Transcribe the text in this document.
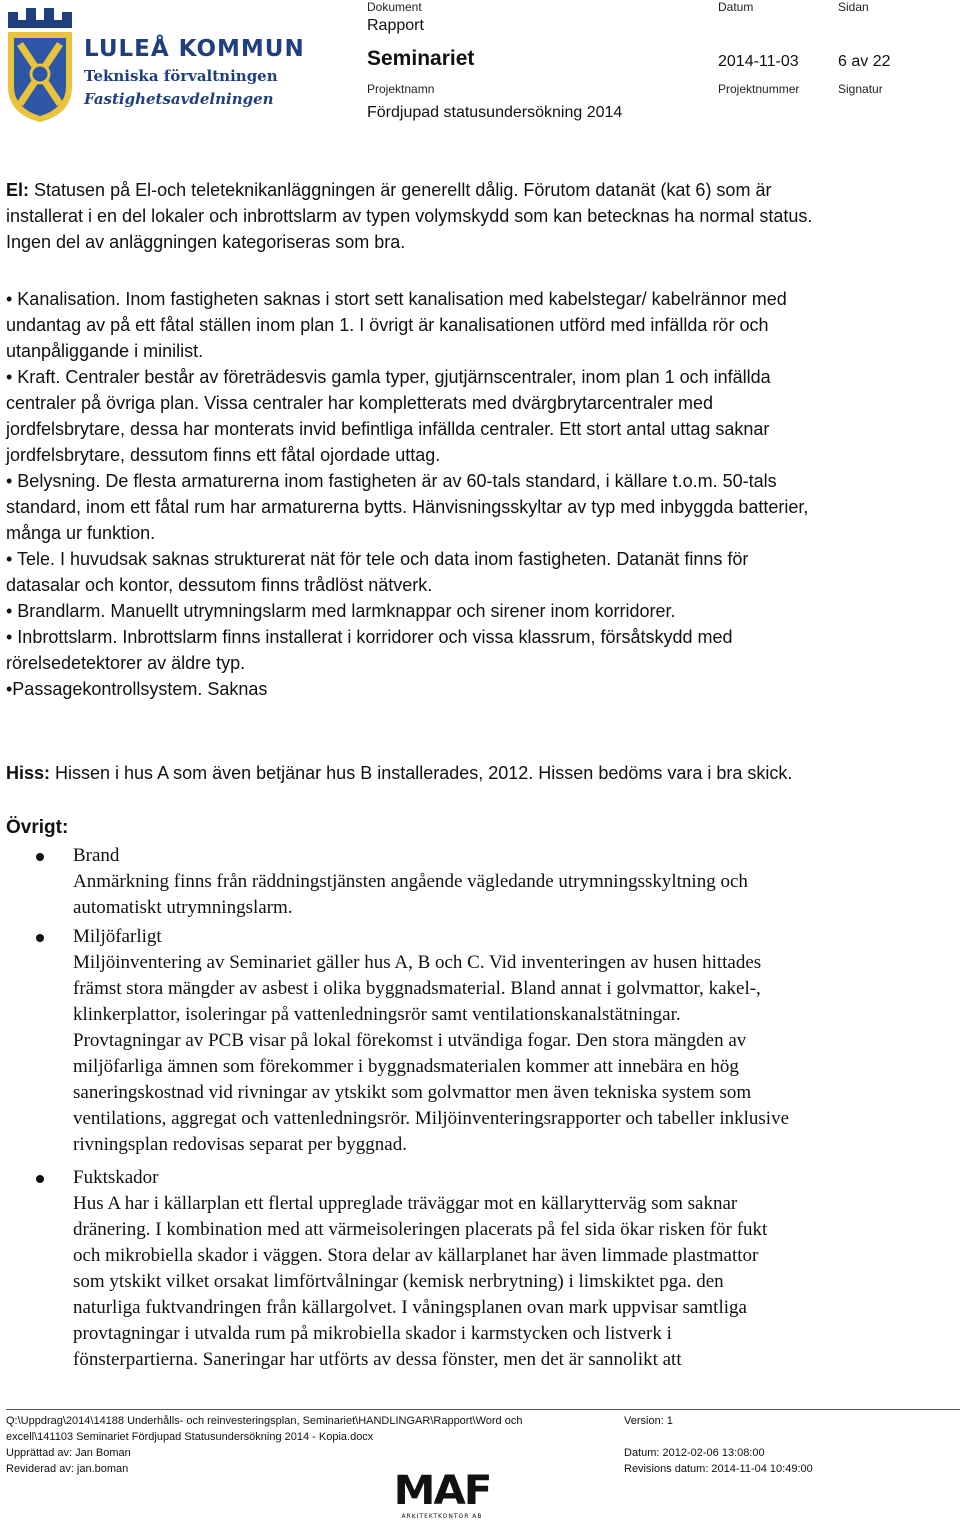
LULEÅ KOMMUN
Tekniska förvaltningen
Fastighetsavdelningen
Dokument
Rapport
Datum	Sidan
Seminariet	2014-11-03 6 av 22
Projektnamn	Projektnummer	Signatur
Fördjupad statusundersökning 2014
El: Statusen på El-och teleteknikanläggningen är generellt dålig. Förutom datanät (kat 6) som är
installerat i en del lokaler och inbrottslarm av typen volymskydd som kan betecknas ha normal status.
Ingen del av anläggningen kategoriseras som bra.
• Kanalisation. Inom fastigheten saknas i stort sett kanalisation med kabelstegar/ kabelrännor med
undantag av på ett fåtal ställen inom plan 1. I övrigt är kanalisationen utförd med infällda rör och
utanpåliggande i minilist.
• Kraft. Centraler består av företrädesvis gamla typer, gjutjärnscentraler, inom plan 1 och infällda
centraler på övriga plan. Vissa centraler har kompletterats med dvärgbrytarcentraler med
jordfelsbrytare, dessa har monterats invid befintliga infällda centraler. Ett stort antal uttag saknar
jordfelsbrytare, dessutom finns ett fåtal ojordade uttag.
• Belysning. De flesta armaturerna inom fastigheten är av 60-tals standard, i källare t.o.m. 50-tals
standard, inom ett fåtal rum har armaturerna bytts. Hänvisningsskyltar av typ med inbyggda batterier,
många ur funktion.
• Tele. I huvudsak saknas strukturerat nät för tele och data inom fastigheten. Datanät finns för
datasalar och kontor, dessutom finns trådlöst nätverk.
• Brandlarm. Manuellt utrymningslarm med larmknappar och sirener inom korridorer.
• Inbrottslarm. Inbrottslarm finns installerat i korridorer och vissa klassrum, försåtskydd med
rörelsedetektorer av äldre typ.
•Passagekontrollsystem. Saknas
Hiss: Hissen i hus A som även betjänar hus B installerades, 2012. Hissen bedöms vara i bra skick.
Övrigt:
Brand
Anmärkning finns från räddningstjänsten angående vägledande utrymningsskyltning och
automatiskt utrymningslarm.
Miljöfarligt
Miljöinventering av Seminariet gäller hus A, B och C. Vid inventeringen av husen hittades
främst stora mängder av asbest i olika byggnadsmaterial. Bland annat i golvmattor, kakel-,
klinkerplattor, isoleringar på vattenledningsrör samt ventilationskanalstätningar.
Provtagningar av PCB visar på lokal förekomst i utvändiga fogar. Den stora mängden av
miljöfarliga ämnen som förekommer i byggnadsmaterialen kommer att innebära en hög
saneringskostnad vid rivningar av ytskikt som golvmattor men även tekniska system som
ventilations, aggregat och vattenledningsrör. Miljöinventeringsrapporter och tabeller inklusive
rivningsplan redovisas separat per byggnad.
Fuktskador
Hus A har i källarplan ett flertal uppreglade träväggar mot en källarytterväg som saknar
dränering. I kombination med att värmeisoleringen placerats på fel sida ökar risken för fukt
och mikrobiella skador i väggen. Stora delar av källarplanet har även limmade plastmattor
som ytskikt vilket orsakat limförtvålningar (kemisk nerbrytning) i limskiktet pga. den
naturliga fuktvandringen från källargolvet. I våningsplanen ovan mark uppvisar samtliga
provtagningar i utvalda rum på mikrobiella skador i karmstycken och listverk i
fönsterpartierna. Saneringar har utförts av dessa fönster, men det är sannolikt att
Q:\Uppdrag\2014\14188 Underhålls- och reinvesteringsplan, Seminariet\HANDLINGAR\Rapport\Word och
excell\141103 Seminariet Fördjupad Statusundersökning 2014 - Kopia.docx
Version: 1
Upprättad av: Jan Boman	Datum: 2012-02-06 13:08:00
Reviderad av: jan.boman	Revisions datum: 2014-11-04 10:49:00
MAF
ARKITEKTKONTOR AB
